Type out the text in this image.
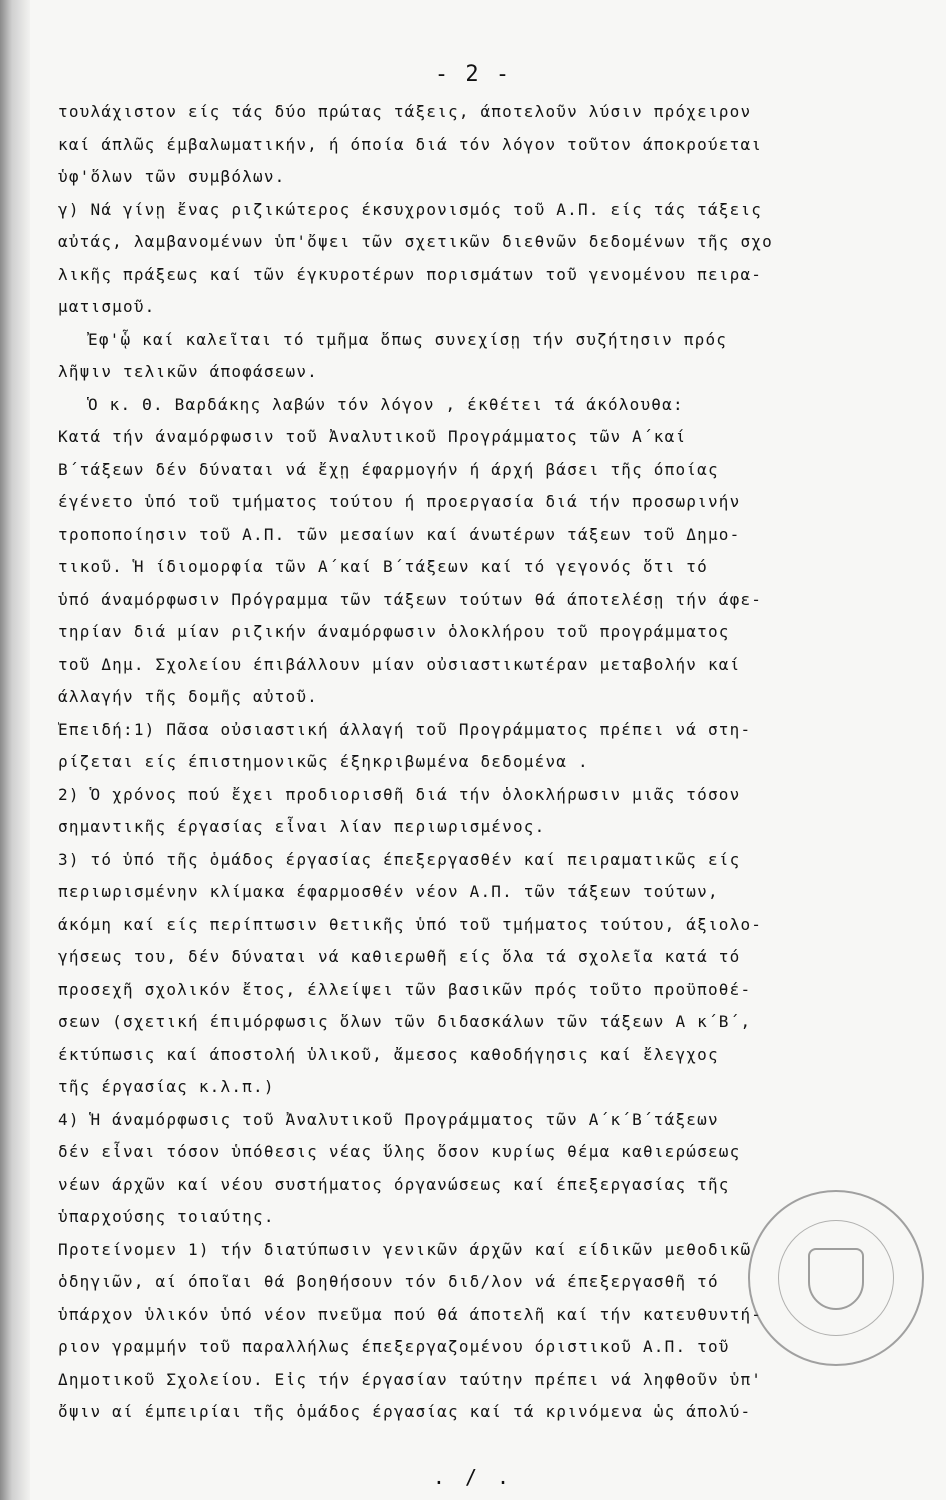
- 2 -
τουλάχιστον είς τάς δύο πρώτας τάξεις, άποτελοῦν λύσιν πρόχειρον
καί άπλῶς έμβαλωματικήν, ή όποία διά τόν λόγον τοῦτον άποκρούεται
ὑφ'ὅλων τῶν συμβόλων.
γ) Νά γίνῃ ἔνας ριζικώτερος έκσυχρονισμός τοῦ Α.Π. είς τάς τάξεις
αὐτάς, λαμβανομένων ὑπ'ὄψει τῶν σχετικῶν διεθνῶν δεδομένων τῆς σχο
λικῆς πράξεως καί τῶν έγκυροτέρων πορισμάτων τοῦ γενομένου πειρα-
ματισμοῦ.
Ἐφ'ᾧ καί καλεῖται τό τμῆμα ὅπως συνεχίσῃ τήν συζήτησιν πρός
λῆψιν τελικῶν άποφάσεων.
Ὁ κ. Θ. Βαρδάκης λαβών τόν λόγον , έκθέτει τά άκόλουθα:
Κατά τήν άναμόρφωσιν τοῦ Ἀναλυτικοῦ Προγράμματος τῶν Α΄καί
Β΄τάξεων δέν δύναται νά ἔχῃ έφαρμογήν ή άρχή βάσει τῆς όποίας
έγένετο ὑπό τοῦ τμήματος τούτου ή προεργασία διά τήν προσωρινήν
τροποποίησιν τοῦ Α.Π. τῶν μεσαίων καί άνωτέρων τάξεων τοῦ Δημο-
τικοῦ. Ἡ ίδιομορφία τῶν Α΄καί Β΄τάξεων καί τό γεγονός ὅτι τό
ὑπό άναμόρφωσιν Πρόγραμμα τῶν τάξεων τούτων θά άποτελέσῃ τήν άφε-
τηρίαν διά μίαν ριζικήν άναμόρφωσιν ὁλοκλήρου τοῦ προγράμματος
τοῦ Δημ. Σχολείου έπιβάλλουν μίαν οὐσιαστικωτέραν μεταβολήν καί
άλλαγήν τῆς δομῆς αὐτοῦ.
Ἐπειδή:1) Πᾶσα οὐσιαστική άλλαγή τοῦ Προγράμματος πρέπει νά στη-
ρίζεται είς έπιστημονικῶς έξηκριβωμένα δεδομένα .
2) Ὁ χρόνος πού ἔχει προδιορισθῆ διά τήν ὁλοκλήρωσιν μιᾶς τόσον
σημαντικῆς έργασίας εἶναι λίαν περιωρισμένος.
3) τό ὑπό τῆς ὁμάδος έργασίας έπεξεργασθέν καί πειραματικῶς είς
περιωρισμένην κλίμακα έφαρμοσθέν νέον Α.Π. τῶν τάξεων τούτων,
άκόμη καί είς περίπτωσιν θετικῆς ὑπό τοῦ τμήματος τούτου, άξιολο-
γήσεως του, δέν δύναται νά καθιερωθῆ είς ὅλα τά σχολεῖα κατά τό
προσεχῆ σχολικόν ἔτος, έλλείψει τῶν βασικῶν πρός τοῦτο προϋποθέ-
σεων (σχετική έπιμόρφωσις ὅλων τῶν διδασκάλων τῶν τάξεων Α κ΄Β΄,
έκτύπωσις καί άποστολή ὑλικοῦ, ἄμεσος καθοδήγησις καί ἔλεγχος
τῆς έργασίας κ.λ.π.)
4) Ἡ άναμόρφωσις τοῦ Ἀναλυτικοῦ Προγράμματος τῶν Α΄κ΄Β΄τάξεων
δέν εἶναι τόσον ὑπόθεσις νέας ὕλης ὅσον κυρίως θέμα καθιερώσεως
νέων άρχῶν καί νέου συστήματος όργανώσεως καί έπεξεργασίας τῆς
ὑπαρχούσης τοιαύτης.
Προτείνομεν 1) τήν διατύπωσιν γενικῶν άρχῶν καί είδικῶν μεθοδικῶ
ὁδηγιῶν, αί όποῖαι θά βοηθήσουν τόν διδ/λον νά έπεξεργασθῆ τό
ὑπάρχον ὑλικόν ὑπό νέον πνεῦμα πού θά άποτελῆ καί τήν κατευθυντή-
ριον γραμμήν τοῦ παραλλήλως έπεξεργαζομένου όριστικοῦ Α.Π. τοῦ
Δημοτικοῦ Σχολείου. Εἰς τήν έργασίαν ταύτην πρέπει νά ληφθοῦν ὑπ'
ὄψιν αί έμπειρίαι τῆς ὁμάδος έργασίας καί τά κρινόμενα ὡς άπολύ-
. / .
